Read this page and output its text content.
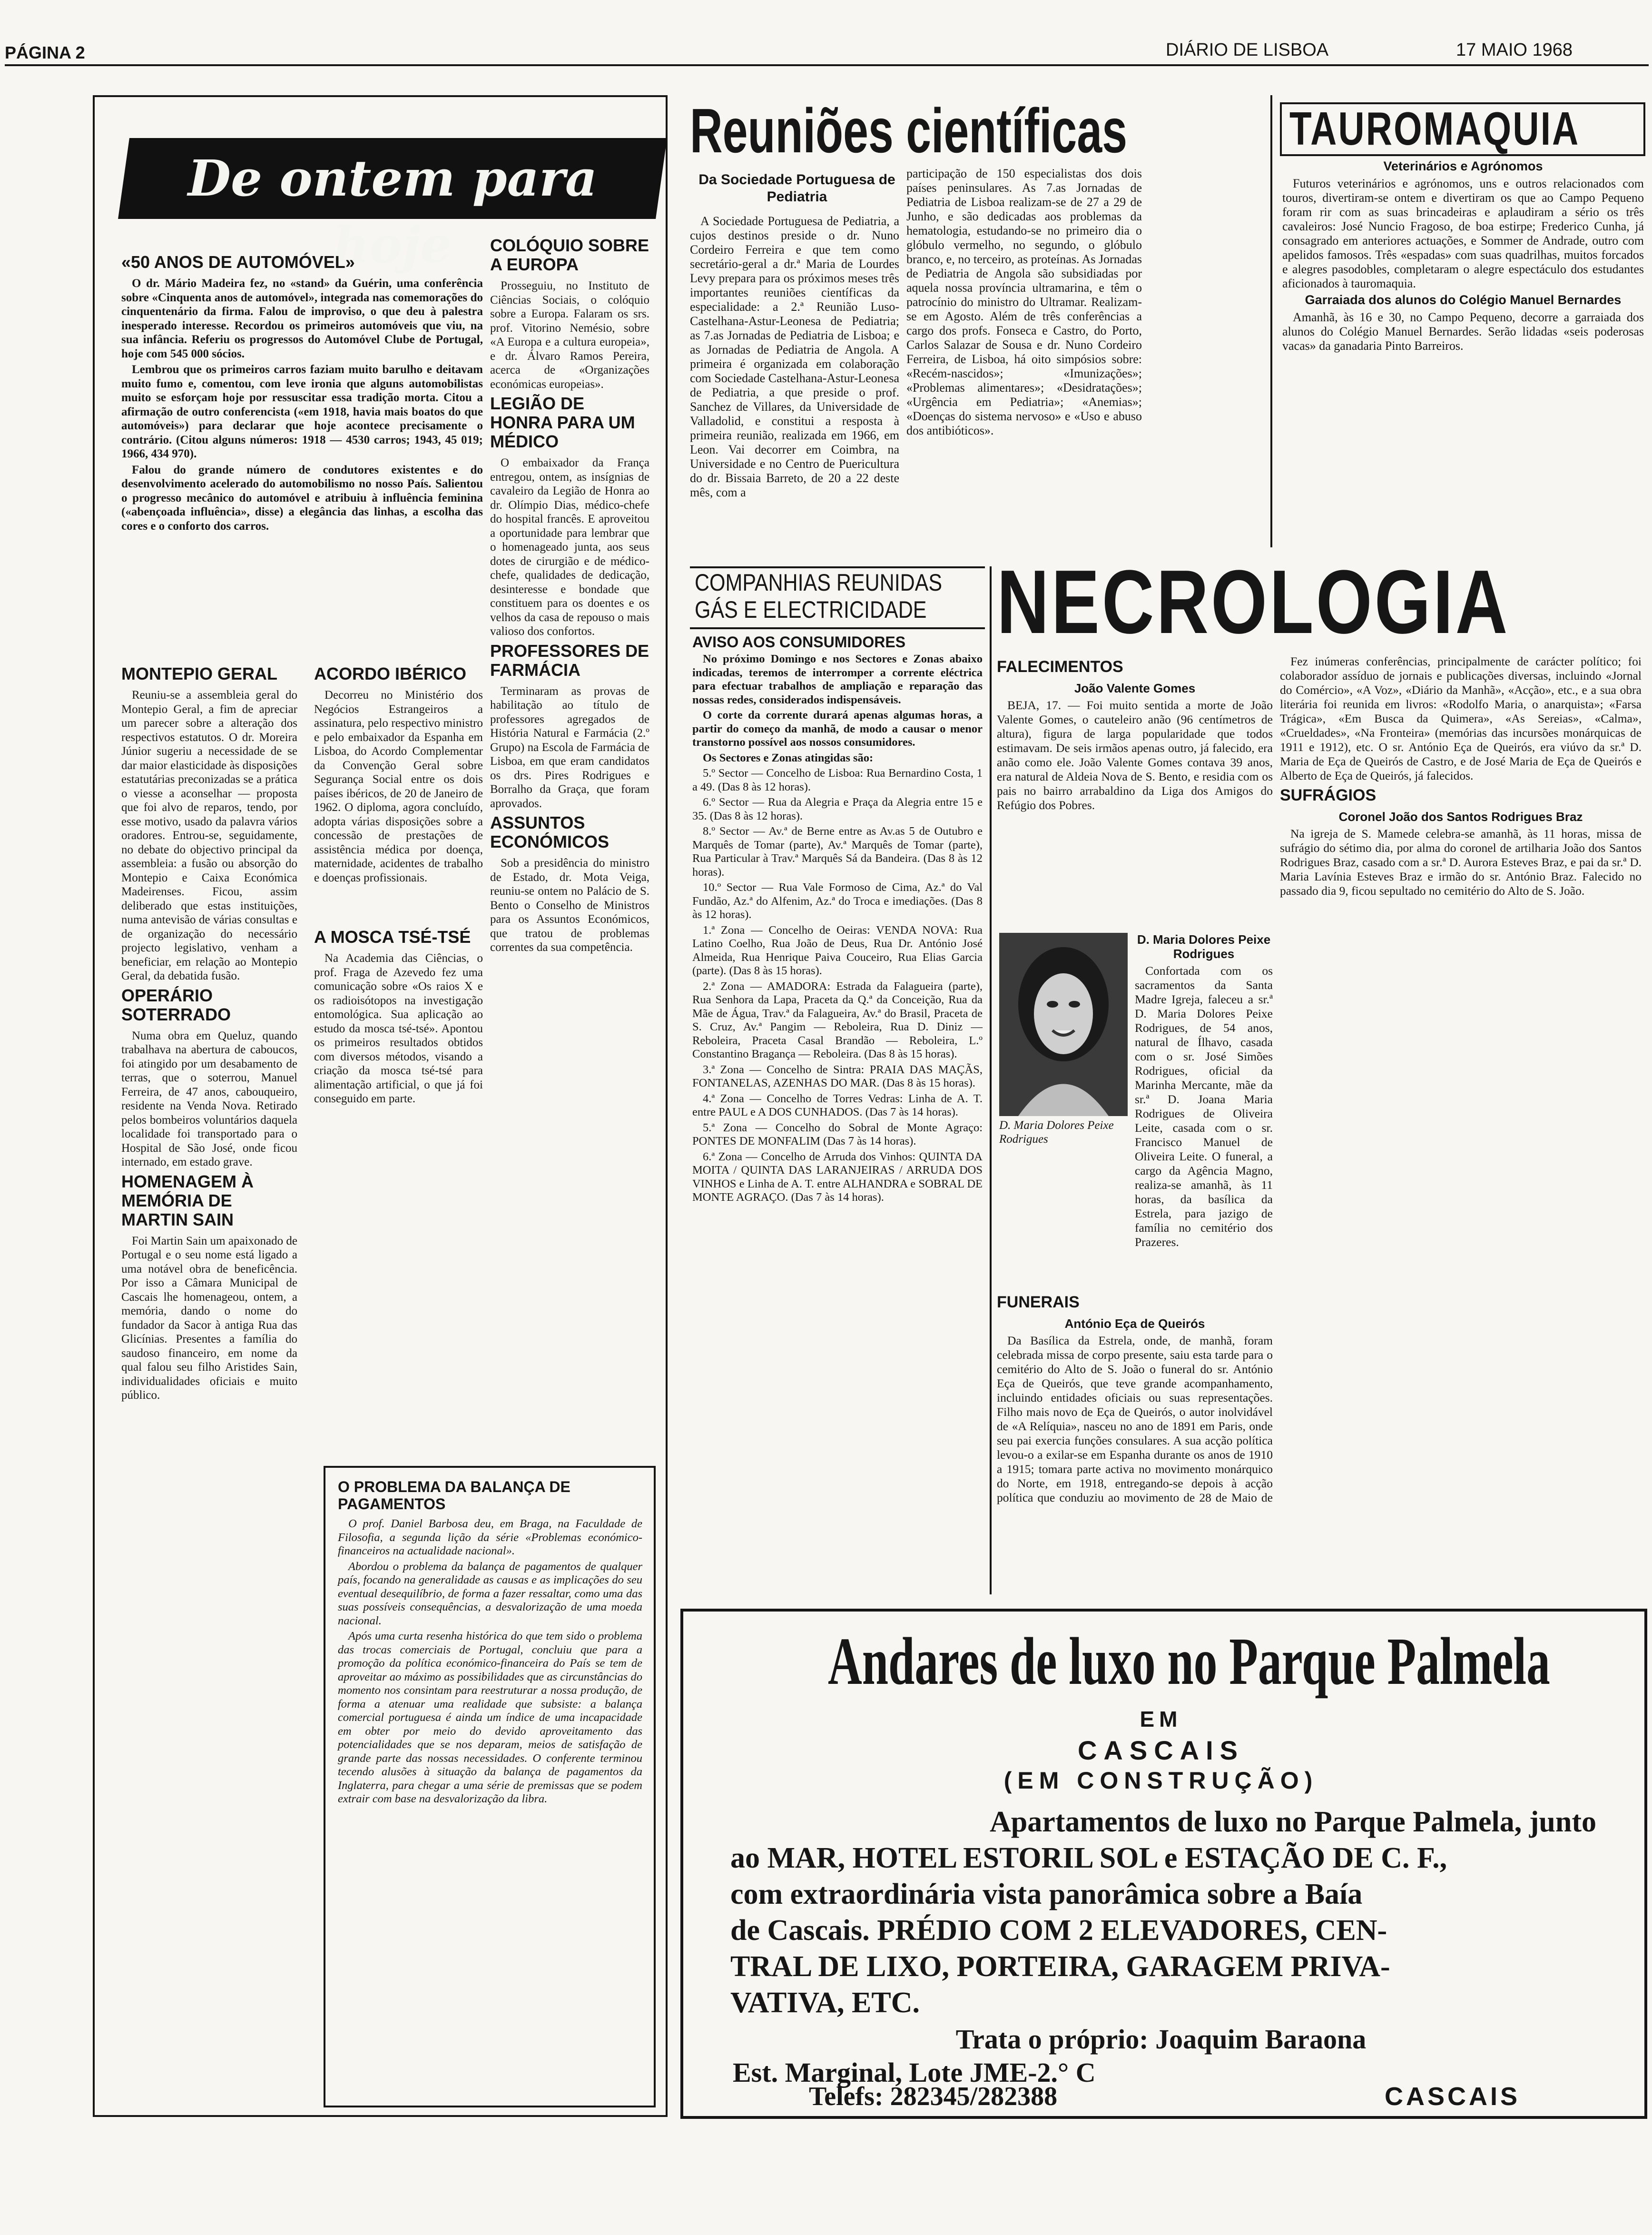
PÁGINA 2	DIÁRIO DE LISBOA	17 MAIO 1968
De ontem para hoje
«50 ANOS DE AUTOMÓVEL»

O dr. Mário Madeira fez, no «stand» da Guérin, uma conferência sobre «Cinquenta anos de automóvel», integrada nas comemorações do cinquentenário da firma. Falou de improviso, o que deu à palestra inesperado interesse. Recordou os primeiros automóveis que viu, na sua infância. Referiu os progressos do Automóvel Clube de Portugal, hoje com 545 000 sócios.

Lembrou que os primeiros carros faziam muito barulho e deitavam muito fumo e, comentou, com leve ironia que alguns automobilistas muito se esforçam hoje por ressuscitar essa tradição morta. Citou a afirmação de outro conferencista («em 1918, havia mais boatos do que automóveis») para declarar que hoje acontece precisamente o contrário. (Citou alguns números: 1918 — 4530 carros; 1943, 45 019; 1966, 434 970).

Falou do grande número de condutores existentes e do desenvolvimento acelerado do automobilismo no nosso País. Salientou o progresso mecânico do automóvel e atribuiu à influência feminina («abençoada influência», disse) a elegância das linhas, a escolha das cores e o conforto dos carros.

MONTEPIO GERAL

Reuniu-se a assembleia geral do Montepio Geral, a fim de apreciar um parecer sobre a alteração dos respectivos estatutos. O dr. Moreira Júnior sugeriu a necessidade de se dar maior elasticidade às disposições estatutárias preconizadas se a prática o viesse a aconselhar — proposta que foi alvo de reparos, tendo, por esse motivo, usado da palavra vários oradores. Entrou-se, seguidamente, no debate do objectivo principal da assembleia: a fusão ou absorção do Montepio e Caixa Económica Madeirenses. Ficou, assim deliberado que estas instituições, numa antevisão de várias consultas e de organização do necessário projecto legislativo, venham a beneficiar, em relação ao Montepio Geral, da debatida fusão.

OPERÁRIO SOTERRADO

Numa obra em Queluz, quando trabalhava na abertura de caboucos, foi atingido por um desabamento de terras, que o soterrou, Manuel Ferreira, de 47 anos, cabouqueiro, residente na Venda Nova. Retirado pelos bombeiros voluntários daquela localidade foi transportado para o Hospital de São José, onde ficou internado, em estado grave.

HOMENAGEM À MEMÓRIA DE MARTIN SAIN

Foi Martin Sain um apaixonado de Portugal e o seu nome está ligado a uma notável obra de beneficência. Por isso a Câmara Municipal de Cascais lhe homenageou, ontem, a memória, dando o nome do fundador da Sacor à antiga Rua das Glicínias. Presentes a família do saudoso financeiro, em nome da qual falou seu filho Aristides Sain, individualidades oficiais e muito público.

ACORDO IBÉRICO

Decorreu no Ministério dos Negócios Estrangeiros a assinatura, pelo respectivo ministro e pelo embaixador da Espanha em Lisboa, do Acordo Complementar da Convenção Geral sobre Segurança Social entre os dois países ibéricos, de 20 de Janeiro de 1962. O diploma, agora concluído, adopta várias disposições sobre a concessão de prestações de assistência médica por doença, maternidade, acidentes de trabalho e doenças profissionais.

A MOSCA TSÉ-TSÉ

Na Academia das Ciências, o prof. Fraga de Azevedo fez uma comunicação sobre «Os raios X e os radioisótopos na investigação entomológica. Sua aplicação ao estudo da mosca tsé-tsé». Apontou os primeiros resultados obtidos com diversos métodos, visando a criação da mosca tsé-tsé para alimentação artificial, o que já foi conseguido em parte.

COLÓQUIO SOBRE A EUROPA

Prosseguiu, no Instituto de Ciências Sociais, o colóquio sobre a Europa. Falaram os srs. prof. Vitorino Nemésio, sobre «A Europa e a cultura europeia», e dr. Álvaro Ramos Pereira, acerca de «Organizações económicas europeias».

LEGIÃO DE HONRA PARA UM MÉDICO

O embaixador da França entregou, ontem, as insígnias de cavaleiro da Legião de Honra ao dr. Olímpio Dias, médico-chefe do hospital francês. E aproveitou a oportunidade para lembrar que o homenageado junta, aos seus dotes de cirurgião e de médico-chefe, qualidades de dedicação, desinteresse e bondade que constituem para os doentes e os velhos da casa de repouso o mais valioso dos confortos.

PROFESSORES DE FARMÁCIA

Terminaram as provas de habilitação ao título de professores agregados de História Natural e Farmácia (2.º Grupo) na Escola de Farmácia de Lisboa, em que eram candidatos os drs. Pires Rodrigues e Borralho da Graça, que foram aprovados.

ASSUNTOS ECONÓMICOS

Sob a presidência do ministro de Estado, dr. Mota Veiga, reuniu-se ontem no Palácio de S. Bento o Conselho de Ministros para os Assuntos Económicos, que tratou de problemas correntes da sua competência.

O PROBLEMA DA BALANÇA DE PAGAMENTOS

O prof. Daniel Barbosa deu, em Braga, na Faculdade de Filosofia, a segunda lição da série «Problemas económico-financeiros na actualidade nacional».

Abordou o problema da balança de pagamentos de qualquer país, focando na generalidade as causas e as implicações do seu eventual desequilíbrio, de forma a fazer ressaltar, como uma das suas possíveis consequências, a desvalorização de uma moeda nacional.

Após uma curta resenha histórica do que tem sido o problema das trocas comerciais de Portugal, concluiu que para a promoção da política económico-financeira do País se tem de aproveitar ao máximo as possibilidades que as circunstâncias do momento nos consintam para reestruturar a nossa produção, de forma a atenuar uma realidade que subsiste: a balança comercial portuguesa é ainda um índice de uma incapacidade em obter por meio do devido aproveitamento das potencialidades que se nos deparam, meios de satisfação de grande parte das nossas necessidades. O conferente terminou tecendo alusões à situação da balança de pagamentos da Inglaterra, para chegar a uma série de premissas que se podem extrair com base na desvalorização da libra.

Reuniões científicas
Da Sociedade Portuguesa de Pediatria

A Sociedade Portuguesa de Pediatria, a cujos destinos preside o dr. Nuno Cordeiro Ferreira e que tem como secretário-geral a dr.ª Maria de Lourdes Levy prepara para os próximos meses três importantes reuniões científicas da especialidade: a 2.ª Reunião Luso-Castelhana-Astur-Leonesa de Pediatria; as 7.as Jornadas de Pediatria de Lisboa; e as Jornadas de Pediatria de Angola. A primeira é organizada em colaboração com Sociedade Castelhana-Astur-Leonesa de Pediatria, a que preside o prof. Sanchez de Villares, da Universidade de Valladolid, e constitui a resposta à primeira reunião, realizada em 1966, em Leon. Vai decorrer em Coimbra, na Universidade e no Centro de Puericultura do dr. Bissaia Barreto, de 20 a 22 deste mês, com a

participação de 150 especialistas dos dois países peninsulares. As 7.as Jornadas de Pediatria de Lisboa realizam-se de 27 a 29 de Junho, e são dedicadas aos problemas da hematologia, estudando-se no primeiro dia o glóbulo vermelho, no segundo, o glóbulo branco, e, no terceiro, as proteínas. As Jornadas de Pediatria de Angola são subsidiadas por aquela nossa província ultramarina, e têm o patrocínio do ministro do Ultramar. Realizam-se em Agosto. Além de três conferências a cargo dos profs. Fonseca e Castro, do Porto, Carlos Salazar de Sousa e dr. Nuno Cordeiro Ferreira, de Lisboa, há oito simpósios sobre: «Recém-nascidos»; «Imunizações»; «Problemas alimentares»; «Desidratações»; «Urgência em Pediatria»; «Anemias»; «Doenças do sistema nervoso» e «Uso e abuso dos antibióticos».

TAUROMAQUIA
Veterinários e Agrónomos

Futuros veterinários e agrónomos, uns e outros relacionados com touros, divertiram-se ontem e divertiram os que ao Campo Pequeno foram rir com as suas brincadeiras e aplaudiram a sério os três cavaleiros: José Nuncio Fragoso, de boa estirpe; Frederico Cunha, já consagrado em anteriores actuações, e Sommer de Andrade, outro com apelidos famosos. Três «espadas» com suas quadrilhas, muitos forcados e alegres pasodobles, completaram o alegre espectáculo dos estudantes aficionados à tauromaquia.

Garraiada dos alunos do Colégio Manuel Bernardes

Amanhã, às 16 e 30, no Campo Pequeno, decorre a garraiada dos alunos do Colégio Manuel Bernardes. Serão lidadas «seis poderosas vacas» da ganadaria Pinto Barreiros.

COMPANHIAS REUNIDAS
GÁS E ELECTRICIDADE
AVISO AOS CONSUMIDORES

No próximo Domingo e nos Sectores e Zonas abaixo indicadas, teremos de interromper a corrente eléctrica para efectuar trabalhos de ampliação e reparação das nossas redes, considerados indispensáveis.

O corte da corrente durará apenas algumas horas, a partir do começo da manhã, de modo a causar o menor transtorno possível aos nossos consumidores.

Os Sectores e Zonas atingidas são:

5.º Sector — Concelho de Lisboa: Rua Bernardino Costa, 1 a 49. (Das 8 às 12 horas).

6.º Sector — Rua da Alegria e Praça da Alegria entre 15 e 35. (Das 8 às 12 horas).

8.º Sector — Av.ª de Berne entre as Av.as 5 de Outubro e Marquês de Tomar (parte), Av.ª Marquês de Tomar (parte), Rua Particular à Trav.ª Marquês Sá da Bandeira. (Das 8 às 12 horas).

10.º Sector — Rua Vale Formoso de Cima, Az.ª do Val Fundão, Az.ª do Alfenim, Az.ª do Troca e imediações. (Das 8 às 12 horas).

1.ª Zona — Concelho de Oeiras: VENDA NOVA: Rua Latino Coelho, Rua João de Deus, Rua Dr. António José Almeida, Rua Henrique Paiva Couceiro, Rua Elias Garcia (parte). (Das 8 às 15 horas).

2.ª Zona — AMADORA: Estrada da Falagueira (parte), Rua Senhora da Lapa, Praceta da Q.ª da Conceição, Rua da Mãe de Água, Trav.ª da Falagueira, Av.ª do Brasil, Praceta de S. Cruz, Av.ª Pangim — Reboleira, Rua D. Diniz — Reboleira, Praceta Casal Brandão — Reboleira, L.º Constantino Bragança — Reboleira. (Das 8 às 15 horas).

3.ª Zona — Concelho de Sintra: PRAIA DAS MAÇÃS, FONTANELAS, AZENHAS DO MAR. (Das 8 às 15 horas).

4.ª Zona — Concelho de Torres Vedras: Linha de A. T. entre PAUL e A DOS CUNHADOS. (Das 7 às 14 horas).

5.ª Zona — Concelho do Sobral de Monte Agraço: PONTES DE MONFALIM (Das 7 às 14 horas).

6.ª Zona — Concelho de Arruda dos Vinhos: QUINTA DA MOITA / QUINTA DAS LARANJEIRAS / ARRUDA DOS VINHOS e Linha de A. T. entre ALHANDRA e SOBRAL DE MONTE AGRAÇO. (Das 7 às 14 horas).

NECROLOGIA
FALECIMENTOS
João Valente Gomes

BEJA, 17. — Foi muito sentida a morte de João Valente Gomes, o cauteleiro anão (96 centímetros de altura), figura de larga popularidade que todos estimavam. De seis irmãos apenas outro, já falecido, era anão como ele. João Valente Gomes contava 39 anos, era natural de Aldeia Nova de S. Bento, e residia com os pais no bairro arrabaldino da Liga dos Amigos do Refúgio dos Pobres.

D. Maria Dolores Peixe Rodrigues
D. Maria Dolores Peixe Rodrigues

Confortada com os sacramentos da Santa Madre Igreja, faleceu a sr.ª D. Maria Dolores Peixe Rodrigues, de 54 anos, natural de Ílhavo, casada com o sr. José Simões Rodrigues, oficial da Marinha Mercante, mãe da sr.ª D. Joana Maria Rodrigues de Oliveira Leite, casada com o sr. Francisco Manuel de Oliveira Leite. O funeral, a cargo da Agência Magno, realiza-se amanhã, às 11 horas, da basílica da Estrela, para jazigo de família no cemitério dos Prazeres.

FUNERAIS
António Eça de Queirós

Da Basílica da Estrela, onde, de manhã, foram celebrada missa de corpo presente, saiu esta tarde para o cemitério do Alto de S. João o funeral do sr. António Eça de Queirós, que teve grande acompanhamento, incluindo entidades oficiais ou suas representações. Filho mais novo de Eça de Queirós, o autor inolvidável de «A Relíquia», nasceu no ano de 1891 em Paris, onde seu pai exercia funções consulares. A sua acção política levou-o a exilar-se em Espanha durante os anos de 1910 a 1915; tomara parte activa no movimento monárquico do Norte, em 1918, entregando-se depois à acção política que conduziu ao movimento de 28 de Maio de

Fez inúmeras conferências, principalmente de carácter político; foi colaborador assíduo de jornais e publicações diversas, incluindo «Jornal do Comércio», «A Voz», «Diário da Manhã», «Acção», etc., e a sua obra literária foi reunida em livros: «Rodolfo Maria, o anarquista»; «Farsa Trágica», «Em Busca da Quimera», «As Sereias», «Calma», «Crueldades», «Na Fronteira» (memórias das incursões monárquicas de 1911 e 1912), etc. O sr. António Eça de Queirós, era viúvo da sr.ª D. Maria de Eça de Queirós de Castro, e de José Maria de Eça de Queirós e Alberto de Eça de Queirós, já falecidos.

SUFRÁGIOS
Coronel João dos Santos Rodrigues Braz

Na igreja de S. Mamede celebra-se amanhã, às 11 horas, missa de sufrágio do sétimo dia, por alma do coronel de artilharia João dos Santos Rodrigues Braz, casado com a sr.ª D. Aurora Esteves Braz, e pai da sr.ª D. Maria Lavínia Esteves Braz e irmão do sr. António Braz. Falecido no passado dia 9, ficou sepultado no cemitério do Alto de S. João.

Andares de luxo no Parque Palmela
EM
CASCAIS
(EM CONSTRUÇÃO)
Apartamentos de luxo no Parque Palmela, junto
ao MAR, HOTEL ESTORIL SOL e ESTAÇÃO DE C. F.,
com extraordinária vista panorâmica sobre a Baía
de Cascais. PRÉDIO COM 2 ELEVADORES, CEN-
TRAL DE LIXO, PORTEIRA, GARAGEM PRIVA-
VATIVA, ETC.
Trata o próprio: Joaquim Baraona
Est. Marginal, Lote JME-2.° C
Telefs: 282345/282388	CASCAIS
